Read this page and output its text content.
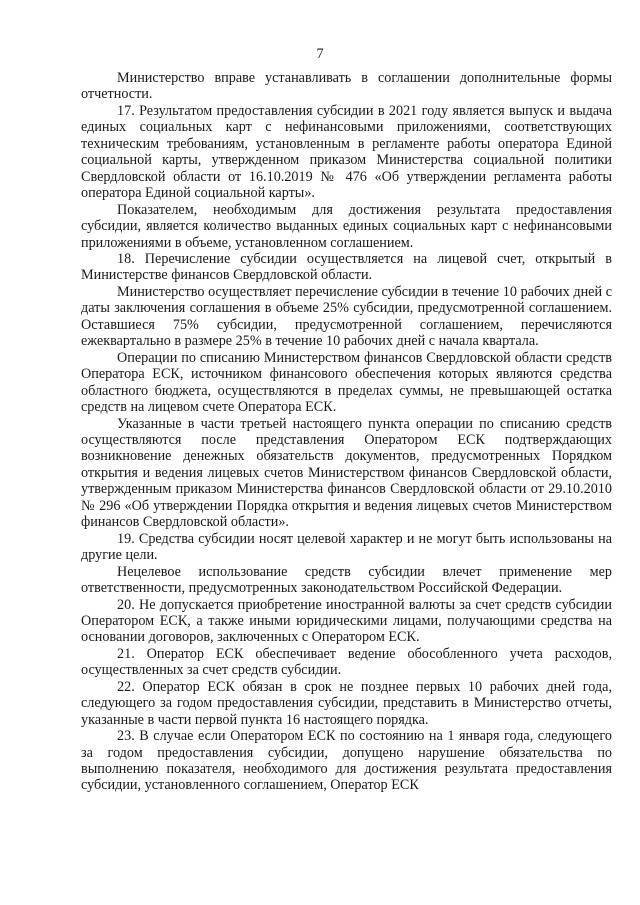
7

Министерство вправе устанавливать в соглашении дополнительные формы отчетности.

17. Результатом предоставления субсидии в 2021 году является выпуск и выдача единых социальных карт с нефинансовыми приложениями, соответствующих техническим требованиям, установленным в регламенте работы оператора Единой социальной карты, утвержденном приказом Министерства социальной политики Свердловской области от 16.10.2019 № 476 «Об утверждении регламента работы оператора Единой социальной карты».

Показателем, необходимым для достижения результата предоставления субсидии, является количество выданных единых социальных карт с нефинансовыми приложениями в объеме, установленном соглашением.

18. Перечисление субсидии осуществляется на лицевой счет, открытый в Министерстве финансов Свердловской области.

Министерство осуществляет перечисление субсидии в течение 10 рабочих дней с даты заключения соглашения в объеме 25% субсидии, предусмотренной соглашением. Оставшиеся 75% субсидии, предусмотренной соглашением, перечисляются ежеквартально в размере 25% в течение 10 рабочих дней с начала квартала.

Операции по списанию Министерством финансов Свердловской области средств Оператора ЕСК, источником финансового обеспечения которых являются средства областного бюджета, осуществляются в пределах суммы, не превышающей остатка средств на лицевом счете Оператора ЕСК.

Указанные в части третьей настоящего пункта операции по списанию средств осуществляются после представления Оператором ЕСК подтверждающих возникновение денежных обязательств документов, предусмотренных Порядком открытия и ведения лицевых счетов Министерством финансов Свердловской области, утвержденным приказом Министерства финансов Свердловской области от 29.10.2010 № 296 «Об утверждении Порядка открытия и ведения лицевых счетов Министерством финансов Свердловской области».

19. Средства субсидии носят целевой характер и не могут быть использованы на другие цели.

Нецелевое использование средств субсидии влечет применение мер ответственности, предусмотренных законодательством Российской Федерации.

20. Не допускается приобретение иностранной валюты за счет средств субсидии Оператором ЕСК, а также иными юридическими лицами, получающими средства на основании договоров, заключенных с Оператором ЕСК.

21. Оператор ЕСК обеспечивает ведение обособленного учета расходов, осуществленных за счет средств субсидии.

22. Оператор ЕСК обязан в срок не позднее первых 10 рабочих дней года, следующего за годом предоставления субсидии, представить в Министерство отчеты, указанные в части первой пункта 16 настоящего порядка.

23. В случае если Оператором ЕСК по состоянию на 1 января года, следующего за годом предоставления субсидии, допущено нарушение обязательства по выполнению показателя, необходимого для достижения результата предоставления субсидии, установленного соглашением, Оператор ЕСК
